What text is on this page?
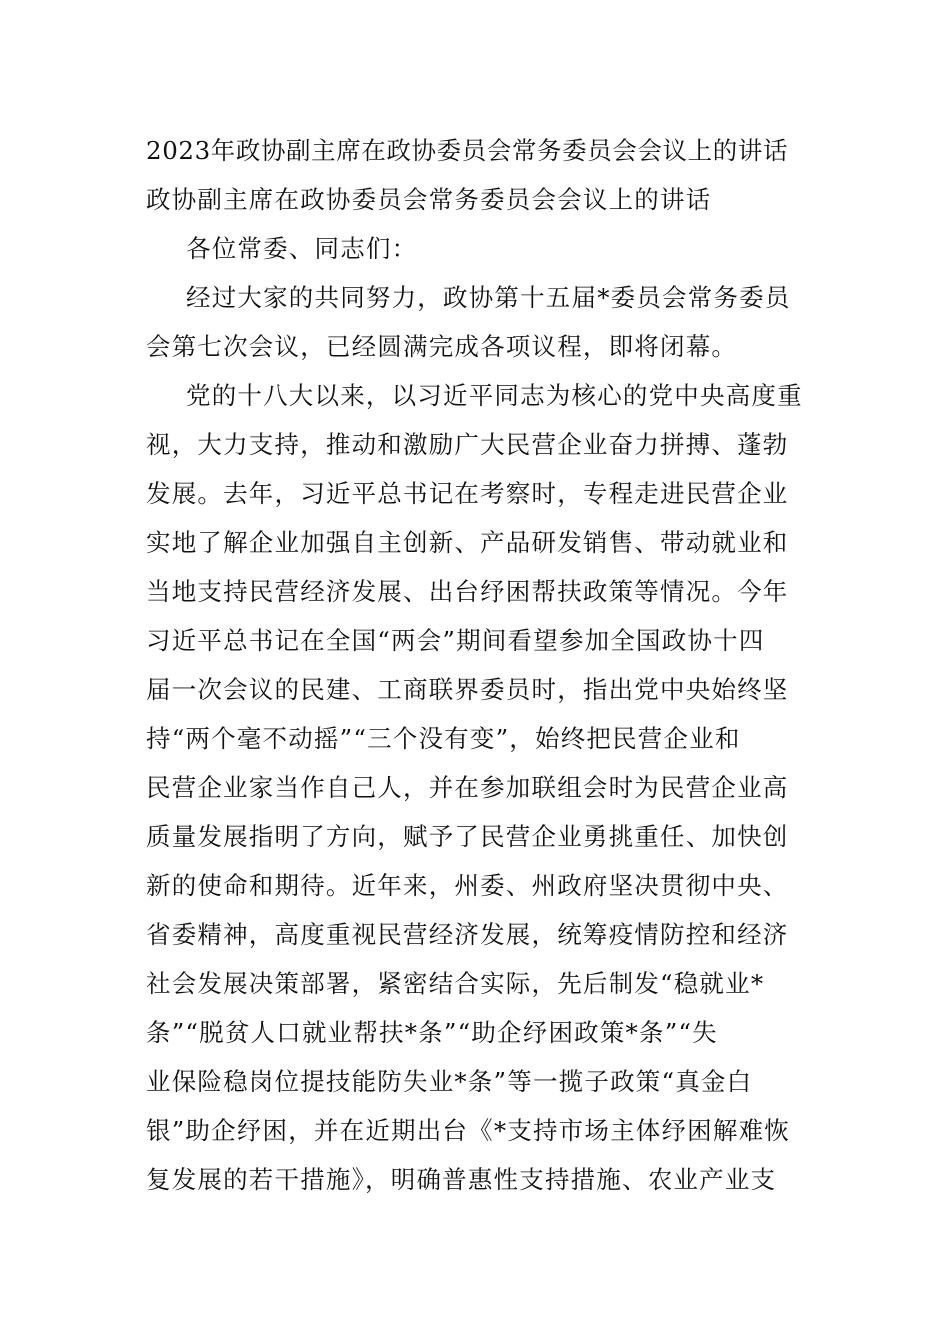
2023年政协副主席在政协委员会常务委员会会议上的讲话
政协副主席在政协委员会常务委员会会议上的讲话
各位常委、同志们：
经过大家的共同努力，政协第十五届*委员会常务委员
会第七次会议，已经圆满完成各项议程，即将闭幕。
党的十八大以来，以习近平同志为核心的党中央高度重
视，大力支持，推动和激励广大民营企业奋力拼搏、蓬勃
发展。去年，习近平总书记在考察时，专程走进民营企业
实地了解企业加强自主创新、产品研发销售、带动就业和
当地支持民营经济发展、出台纾困帮扶政策等情况。今年
习近平总书记在全国“两会”期间看望参加全国政协十四
届一次会议的民建、工商联界委员时，指出党中央始终坚
持“两个毫不动摇”“三个没有变”，始终把民营企业和
民营企业家当作自己人，并在参加联组会时为民营企业高
质量发展指明了方向，赋予了民营企业勇挑重任、加快创
新的使命和期待。近年来，州委、州政府坚决贯彻中央、
省委精神，高度重视民营经济发展，统筹疫情防控和经济
社会发展决策部署，紧密结合实际，先后制发“稳就业*
条”“脱贫人口就业帮扶*条”“助企纾困政策*条”“失
业保险稳岗位提技能防失业*条”等一揽子政策“真金白
银”助企纾困，并在近期出台《*支持市场主体纾困解难恢
复发展的若干措施》，明确普惠性支持措施、农业产业支
